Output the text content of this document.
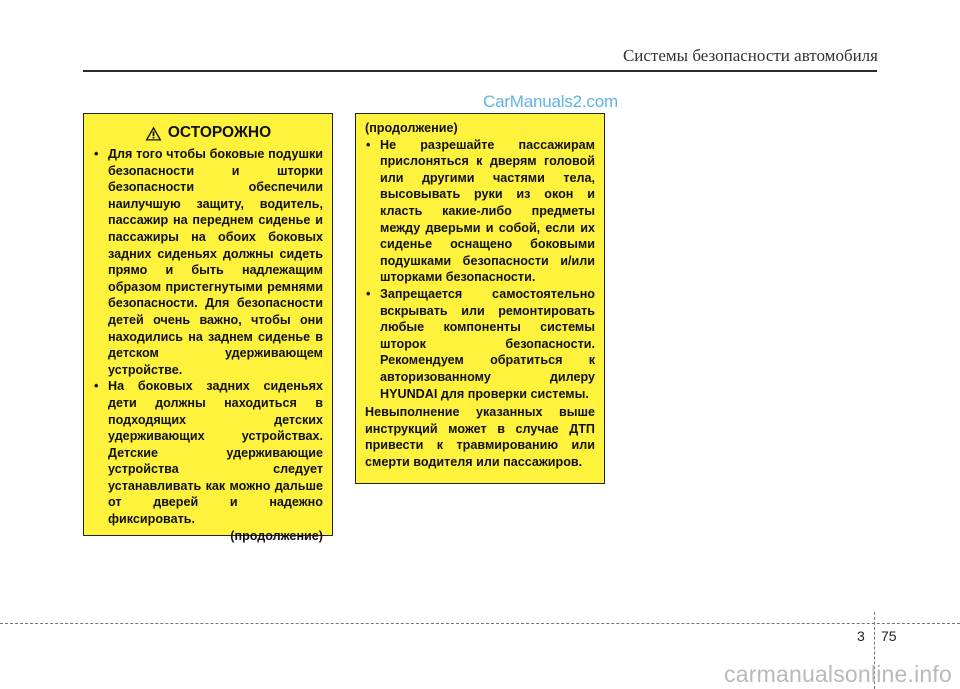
Системы безопасности автомобиля
CarManuals2.com
ОСТОРОЖНО
• Для того чтобы боковые подушки безопасности и шторки безопасности обеспечили наилучшую защиту, водитель, пассажир на переднем сиденье и пассажиры на обоих боковых задних сиденьях должны сидеть прямо и быть надлежащим образом пристегнутыми ремнями безопасности. Для безопасности детей очень важно, чтобы они находились на заднем сиденье в детском удерживающем устройстве.
• На боковых задних сиденьях дети должны находиться в подходящих детских удерживающих устройствах. Детские удерживающие устройства следует устанавливать как можно дальше от дверей и надежно фиксировать.
(продолжение)
(продолжение)
• Не разрешайте пассажирам прислоняться к дверям головой или другими частями тела, высовывать руки из окон и класть какие-либо предметы между дверьми и собой, если их сиденье оснащено боковыми подушками безопасности и/или шторками безопасности.
• Запрещается самостоятельно вскрывать или ремонтировать любые компоненты системы шторок безопасности. Рекомендуем обратиться к авторизованному дилеру HYUNDAI для проверки системы.
Невыполнение указанных выше инструкций может в случае ДТП привести к травмированию или смерти водителя или пассажиров.
3 75
carmanualsonline.info
